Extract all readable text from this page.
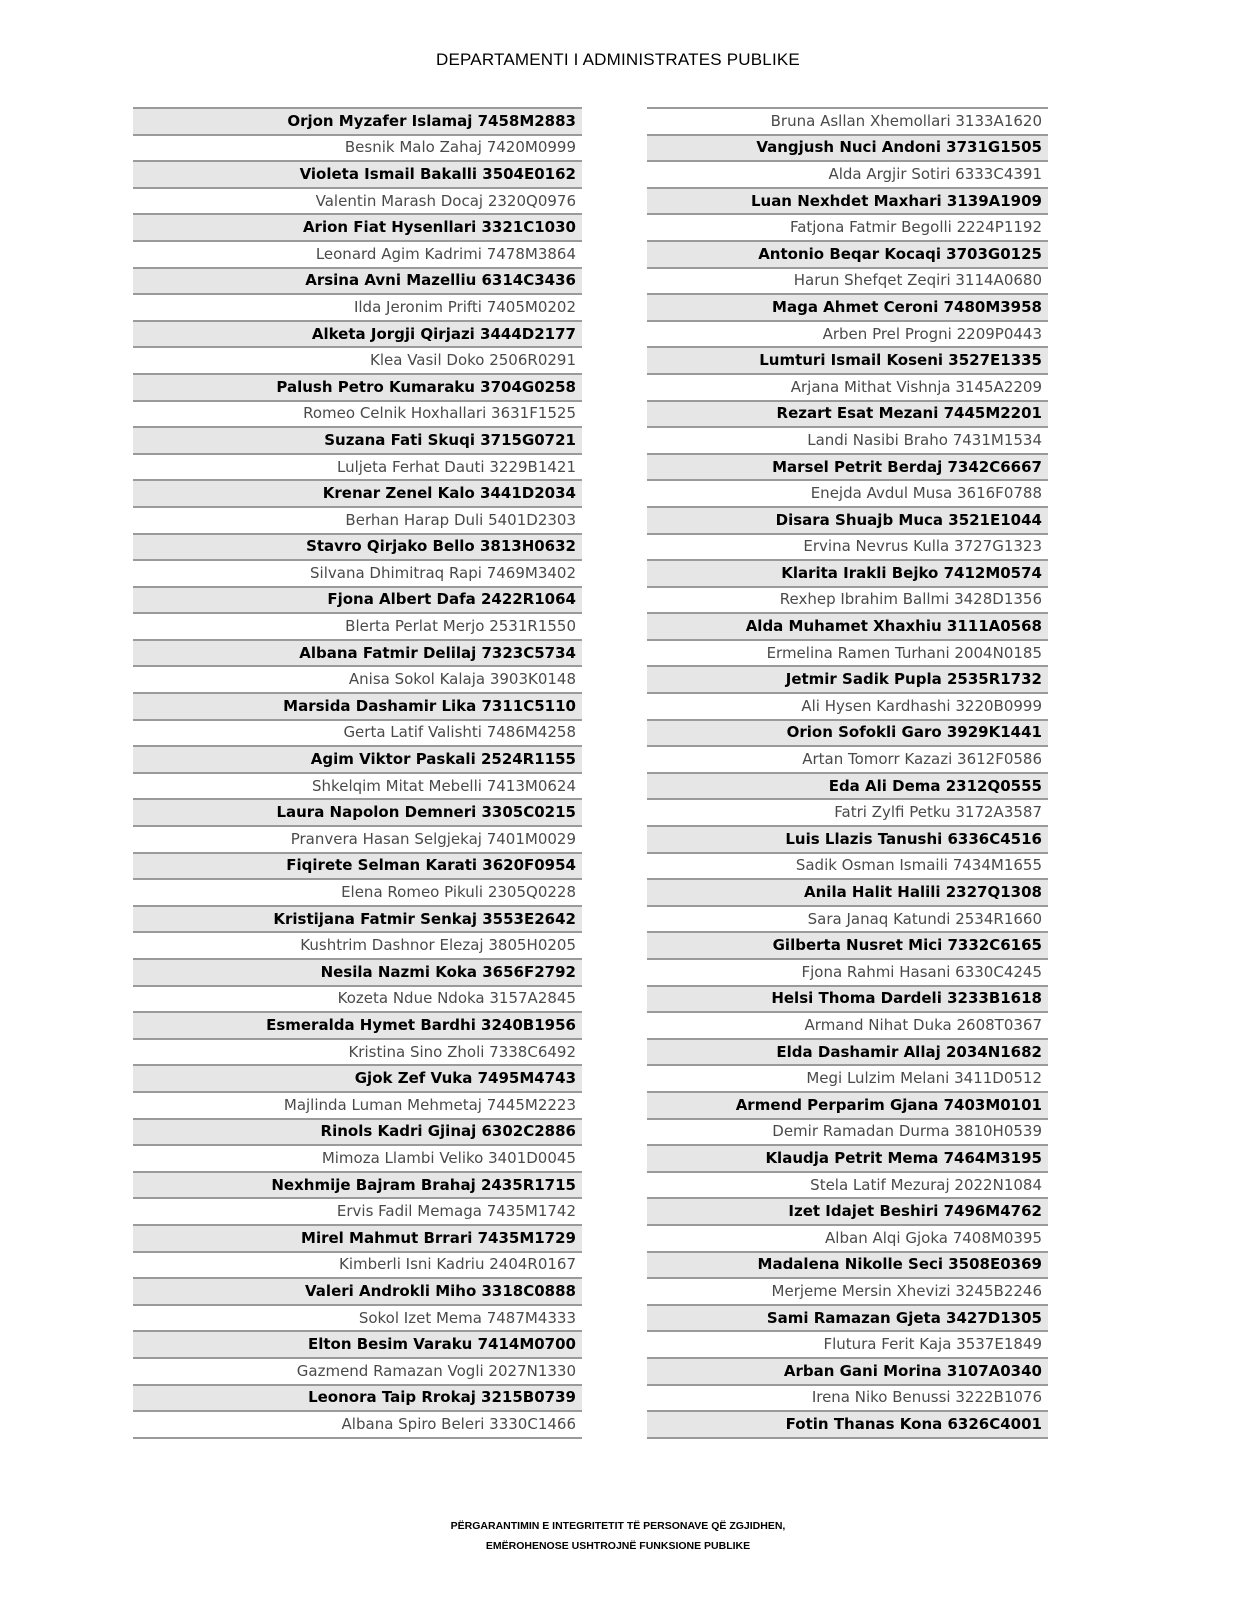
DEPARTAMENTI I ADMINISTRATES PUBLIKE
Orjon Myzafer Islamaj 7458M2883
Besnik Malo Zahaj 7420M0999
Violeta Ismail Bakalli 3504E0162
Valentin Marash Docaj 2320Q0976
Arion Fiat Hysenllari 3321C1030
Leonard Agim Kadrimi 7478M3864
Arsina Avni Mazelliu 6314C3436
Ilda Jeronim Prifti 7405M0202
Alketa Jorgji Qirjazi 3444D2177
Klea Vasil Doko 2506R0291
Palush Petro Kumaraku 3704G0258
Romeo Celnik Hoxhallari 3631F1525
Suzana Fati Skuqi 3715G0721
Luljeta Ferhat Dauti 3229B1421
Krenar Zenel Kalo 3441D2034
Berhan Harap Duli 5401D2303
Stavro Qirjako Bello 3813H0632
Silvana Dhimitraq Rapi 7469M3402
Fjona Albert Dafa 2422R1064
Blerta Perlat Merjo 2531R1550
Albana Fatmir Delilaj 7323C5734
Anisa Sokol Kalaja 3903K0148
Marsida Dashamir Lika 7311C5110
Gerta Latif Valishti 7486M4258
Agim Viktor Paskali 2524R1155
Shkelqim Mitat Mebelli 7413M0624
Laura Napolon Demneri 3305C0215
Pranvera Hasan Selgjekaj 7401M0029
Fiqirete Selman Karati 3620F0954
Elena Romeo Pikuli 2305Q0228
Kristijana Fatmir Senkaj 3553E2642
Kushtrim Dashnor Elezaj 3805H0205
Nesila Nazmi Koka 3656F2792
Kozeta Ndue Ndoka 3157A2845
Esmeralda Hymet Bardhi 3240B1956
Kristina Sino Zholi 7338C6492
Gjok Zef Vuka 7495M4743
Majlinda Luman Mehmetaj 7445M2223
Rinols Kadri Gjinaj 6302C2886
Mimoza Llambi Veliko 3401D0045
Nexhmije Bajram Brahaj 2435R1715
Ervis Fadil Memaga 7435M1742
Mirel Mahmut Brrari 7435M1729
Kimberli Isni Kadriu 2404R0167
Valeri Androkli Miho 3318C0888
Sokol Izet Mema 7487M4333
Elton Besim Varaku 7414M0700
Gazmend Ramazan Vogli 2027N1330
Leonora Taip Rrokaj 3215B0739
Albana Spiro Beleri 3330C1466
Bruna Asllan Xhemollari 3133A1620
Vangjush Nuci Andoni 3731G1505
Alda Argjir Sotiri 6333C4391
Luan Nexhdet Maxhari 3139A1909
Fatjona Fatmir Begolli 2224P1192
Antonio Beqar Kocaqi 3703G0125
Harun Shefqet Zeqiri 3114A0680
Maga Ahmet Ceroni 7480M3958
Arben Prel Progni 2209P0443
Lumturi Ismail Koseni 3527E1335
Arjana Mithat Vishnja 3145A2209
Rezart Esat Mezani 7445M2201
Landi Nasibi Braho 7431M1534
Marsel Petrit Berdaj 7342C6667
Enejda Avdul Musa 3616F0788
Disara Shuajb Muca 3521E1044
Ervina Nevrus Kulla 3727G1323
Klarita Irakli Bejko 7412M0574
Rexhep Ibrahim Ballmi 3428D1356
Alda Muhamet Xhaxhiu 3111A0568
Ermelina Ramen Turhani 2004N0185
Jetmir Sadik Pupla 2535R1732
Ali Hysen Kardhashi 3220B0999
Orion Sofokli Garo 3929K1441
Artan Tomorr Kazazi 3612F0586
Eda Ali Dema 2312Q0555
Fatri Zylfi Petku 3172A3587
Luis Llazis Tanushi 6336C4516
Sadik Osman Ismaili 7434M1655
Anila Halit Halili 2327Q1308
Sara Janaq Katundi 2534R1660
Gilberta Nusret Mici 7332C6165
Fjona Rahmi Hasani 6330C4245
Helsi Thoma Dardeli 3233B1618
Armand Nihat Duka 2608T0367
Elda Dashamir Allaj 2034N1682
Megi Lulzim Melani 3411D0512
Armend Perparim Gjana 7403M0101
Demir Ramadan Durma 3810H0539
Klaudja Petrit Mema 7464M3195
Stela Latif Mezuraj 2022N1084
Izet Idajet Beshiri 7496M4762
Alban Alqi Gjoka 7408M0395
Madalena Nikolle Seci 3508E0369
Merjeme Mersin Xhevizi 3245B2246
Sami Ramazan Gjeta 3427D1305
Flutura Ferit Kaja 3537E1849
Arban Gani Morina 3107A0340
Irena Niko Benussi 3222B1076
Fotin Thanas Kona 6326C4001
PËRGARANTIMIN E INTEGRITETIT TË PERSONAVE QË ZGJIDHEN,
EMËROHENOSE USHTROJNË FUNKSIONE PUBLIKE
